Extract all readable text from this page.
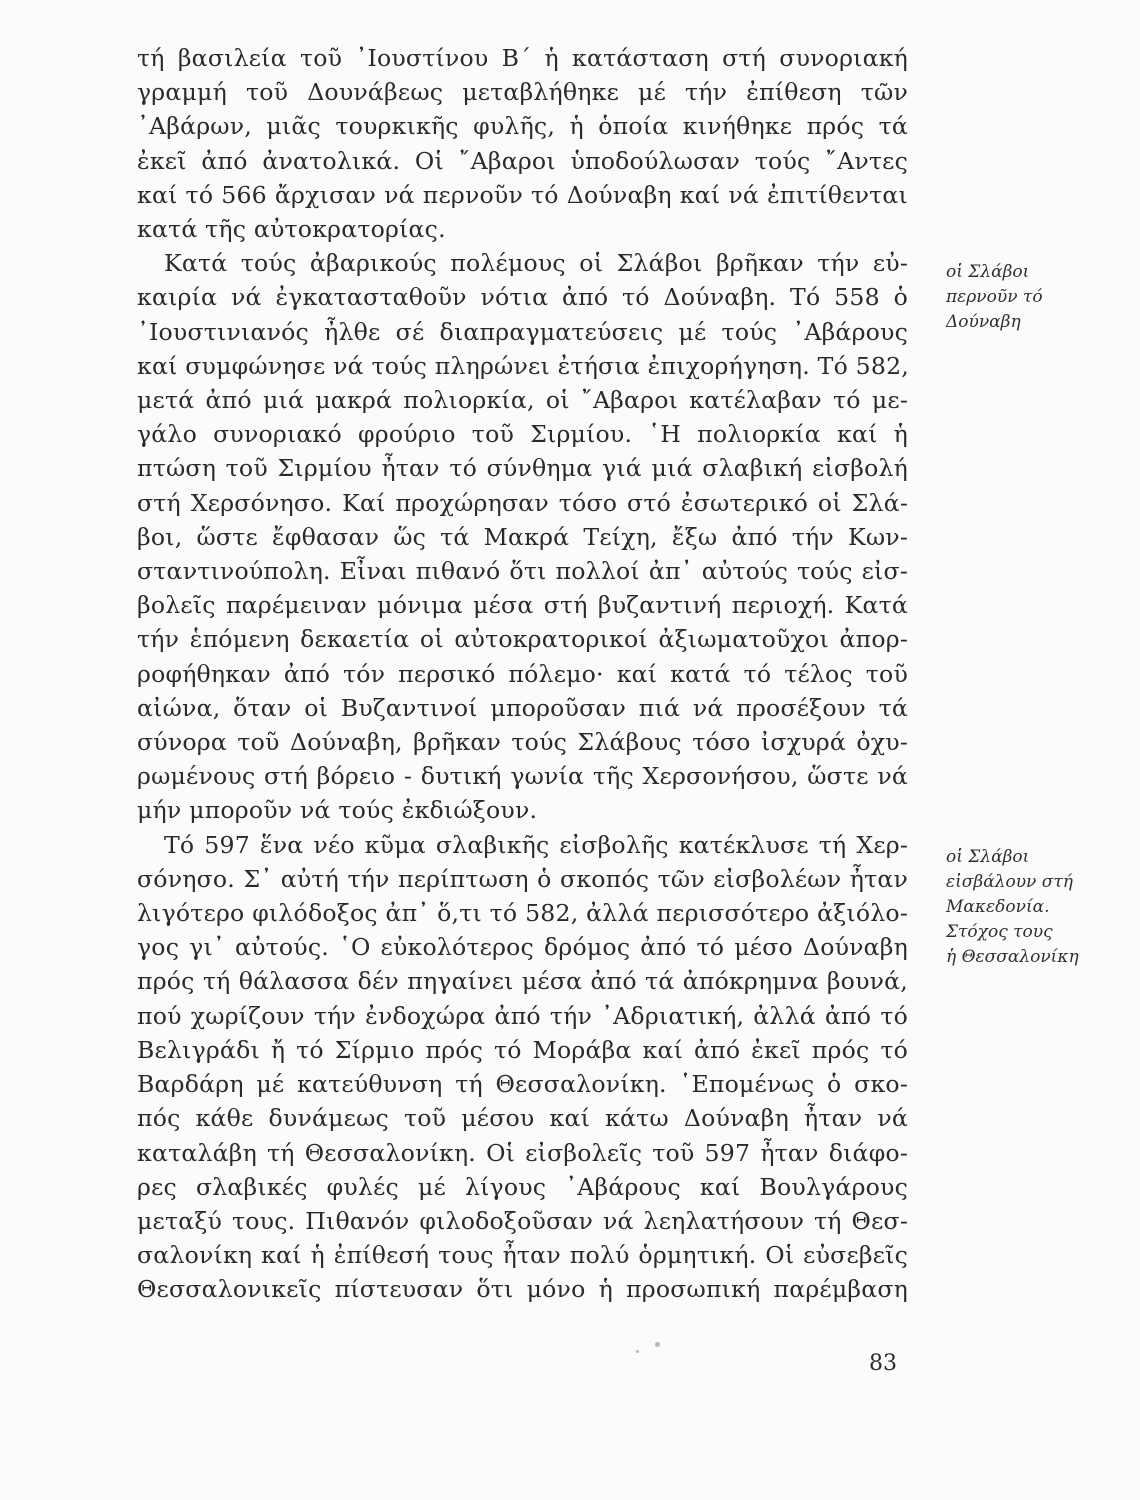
τή βασιλεία τοῦ ᾿Ιουστίνου Β΄ ἡ κατάσταση στή συνοριακή
γραμμή τοῦ Δουνάβεως μεταβλήθηκε μέ τήν ἐπίθεση τῶν
᾿Αβάρων, μιᾶς τουρκικῆς φυλῆς, ἡ ὁποία κινήθηκε πρός τά
ἐκεῖ ἀπό ἀνατολικά. Οἱ ῎Αβαροι ὑποδούλωσαν τούς ῎Αντες
καί τό 566 ἄρχισαν νά περνοῦν τό Δούναβη καί νά ἐπιτίθενται
κατά τῆς αὐτοκρατορίας.

Κατά τούς ἀβαρικούς πολέμους οἱ Σλάβοι βρῆκαν τήν εὐ-
καιρία νά ἐγκατασταθοῦν νότια ἀπό τό Δούναβη. Τό 558 ὁ
᾿Ιουστινιανός ἦλθε σέ διαπραγματεύσεις μέ τούς ᾿Αβάρους
καί συμφώνησε νά τούς πληρώνει ἐτήσια ἐπιχορήγηση. Τό 582,
μετά ἀπό μιά μακρά πολιορκία, οἱ ῎Αβαροι κατέλαβαν τό με-
γάλο συνοριακό φρούριο τοῦ Σιρμίου. ῾Η πολιορκία καί ἡ
πτώση τοῦ Σιρμίου ἦταν τό σύνθημα γιά μιά σλαβική εἰσβολή
στή Χερσόνησο. Καί προχώρησαν τόσο στό ἐσωτερικό οἱ Σλά-
βοι, ὥστε ἔφθασαν ὥς τά Μακρά Τείχη, ἔξω ἀπό τήν Κων-
σταντινούπολη. Εἶναι πιθανό ὅτι πολλοί ἀπ᾿ αὐτούς τούς εἰσ-
βολεῖς παρέμειναν μόνιμα μέσα στή βυζαντινή περιοχή. Κατά
τήν ἑπόμενη δεκαετία οἱ αὐτοκρατορικοί ἀξιωματοῦχοι ἀπορ-
ροφήθηκαν ἀπό τόν περσικό πόλεμο· καί κατά τό τέλος τοῦ
αἰώνα, ὅταν οἱ Βυζαντινοί μποροῦσαν πιά νά προσέξουν τά
σύνορα τοῦ Δούναβη, βρῆκαν τούς Σλάβους τόσο ἰσχυρά ὀχυ-
ρωμένους στή βόρειο - δυτική γωνία τῆς Χερσονήσου, ὥστε νά
μήν μποροῦν νά τούς ἐκδιώξουν.

Τό 597 ἕνα νέο κῦμα σλαβικῆς εἰσβολῆς κατέκλυσε τή Χερ-
σόνησο. Σ᾿ αὐτή τήν περίπτωση ὁ σκοπός τῶν εἰσβολέων ἦταν
λιγότερο φιλόδοξος ἀπ᾿ ὅ,τι τό 582, ἀλλά περισσότερο ἀξιόλο-
γος γι᾿ αὐτούς. ῾Ο εὐκολότερος δρόμος ἀπό τό μέσο Δούναβη
πρός τή θάλασσα δέν πηγαίνει μέσα ἀπό τά ἀπόκρημνα βουνά,
πού χωρίζουν τήν ἐνδοχώρα ἀπό τήν ᾿Αδριατική, ἀλλά ἀπό τό
Βελιγράδι ἤ τό Σίρμιο πρός τό Μοράβα καί ἀπό ἐκεῖ πρός τό
Βαρδάρη μέ κατεύθυνση τή Θεσσαλονίκη. ῾Επομένως ὁ σκο-
πός κάθε δυνάμεως τοῦ μέσου καί κάτω Δούναβη ἦταν νά
καταλάβη τή Θεσσαλονίκη. Οἱ εἰσβολεῖς τοῦ 597 ἦταν διάφο-
ρες σλαβικές φυλές μέ λίγους ᾿Αβάρους καί Βουλγάρους
μεταξύ τους. Πιθανόν φιλοδοξοῦσαν νά λεηλατήσουν τή Θεσ-
σαλονίκη καί ἡ ἐπίθεσή τους ἦταν πολύ ὁρμητική. Οἱ εὐσεβεῖς
Θεσσαλονικεῖς πίστευσαν ὅτι μόνο ἡ προσωπική παρέμβαση

οἱ Σλάβοι
περνοῦν τό
Δούναβη
οἱ Σλάβοι
εἰσβάλουν στή
Μακεδονία.
Στόχος τους
ἡ Θεσσαλονίκη
83
